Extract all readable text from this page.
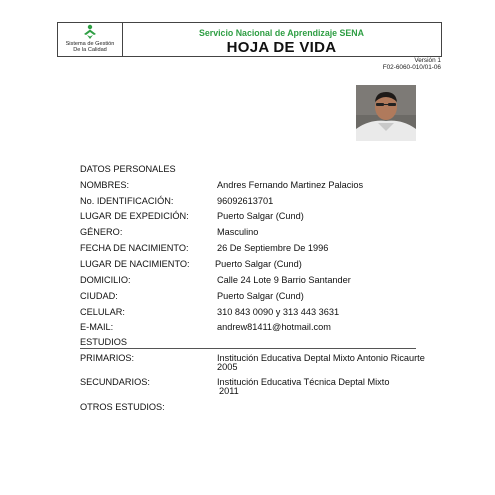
Sistema de Gestión
De la Calidad
Servicio Nacional de Aprendizaje SENA
HOJA DE VIDA
Versión 1
F02-6060-010/01-06
DATOS PERSONALES
NOMBRES:	Andres Fernando Martinez Palacios
No. IDENTIFICACIÓN:	96092613701
LUGAR DE EXPEDICIÓN:	Puerto Salgar (Cund)
GÉNERO:	Masculino
FECHA DE NACIMIENTO:	26 De Septiembre De 1996
LUGAR DE NACIMIENTO:	Puerto Salgar (Cund)
DOMICILIO:	Calle 24 Lote 9 Barrio Santander
CIUDAD:	Puerto Salgar (Cund)
CELULAR:	310 843 0090 y 313 443 3631
E-MAIL:	andrew81411@hotmail.com
ESTUDIOS
PRIMARIOS:	Institución Educativa Deptal Mixto Antonio Ricaurte
2005
SECUNDARIOS:	Institución Educativa Técnica Deptal Mixto
2011
OTROS ESTUDIOS:
